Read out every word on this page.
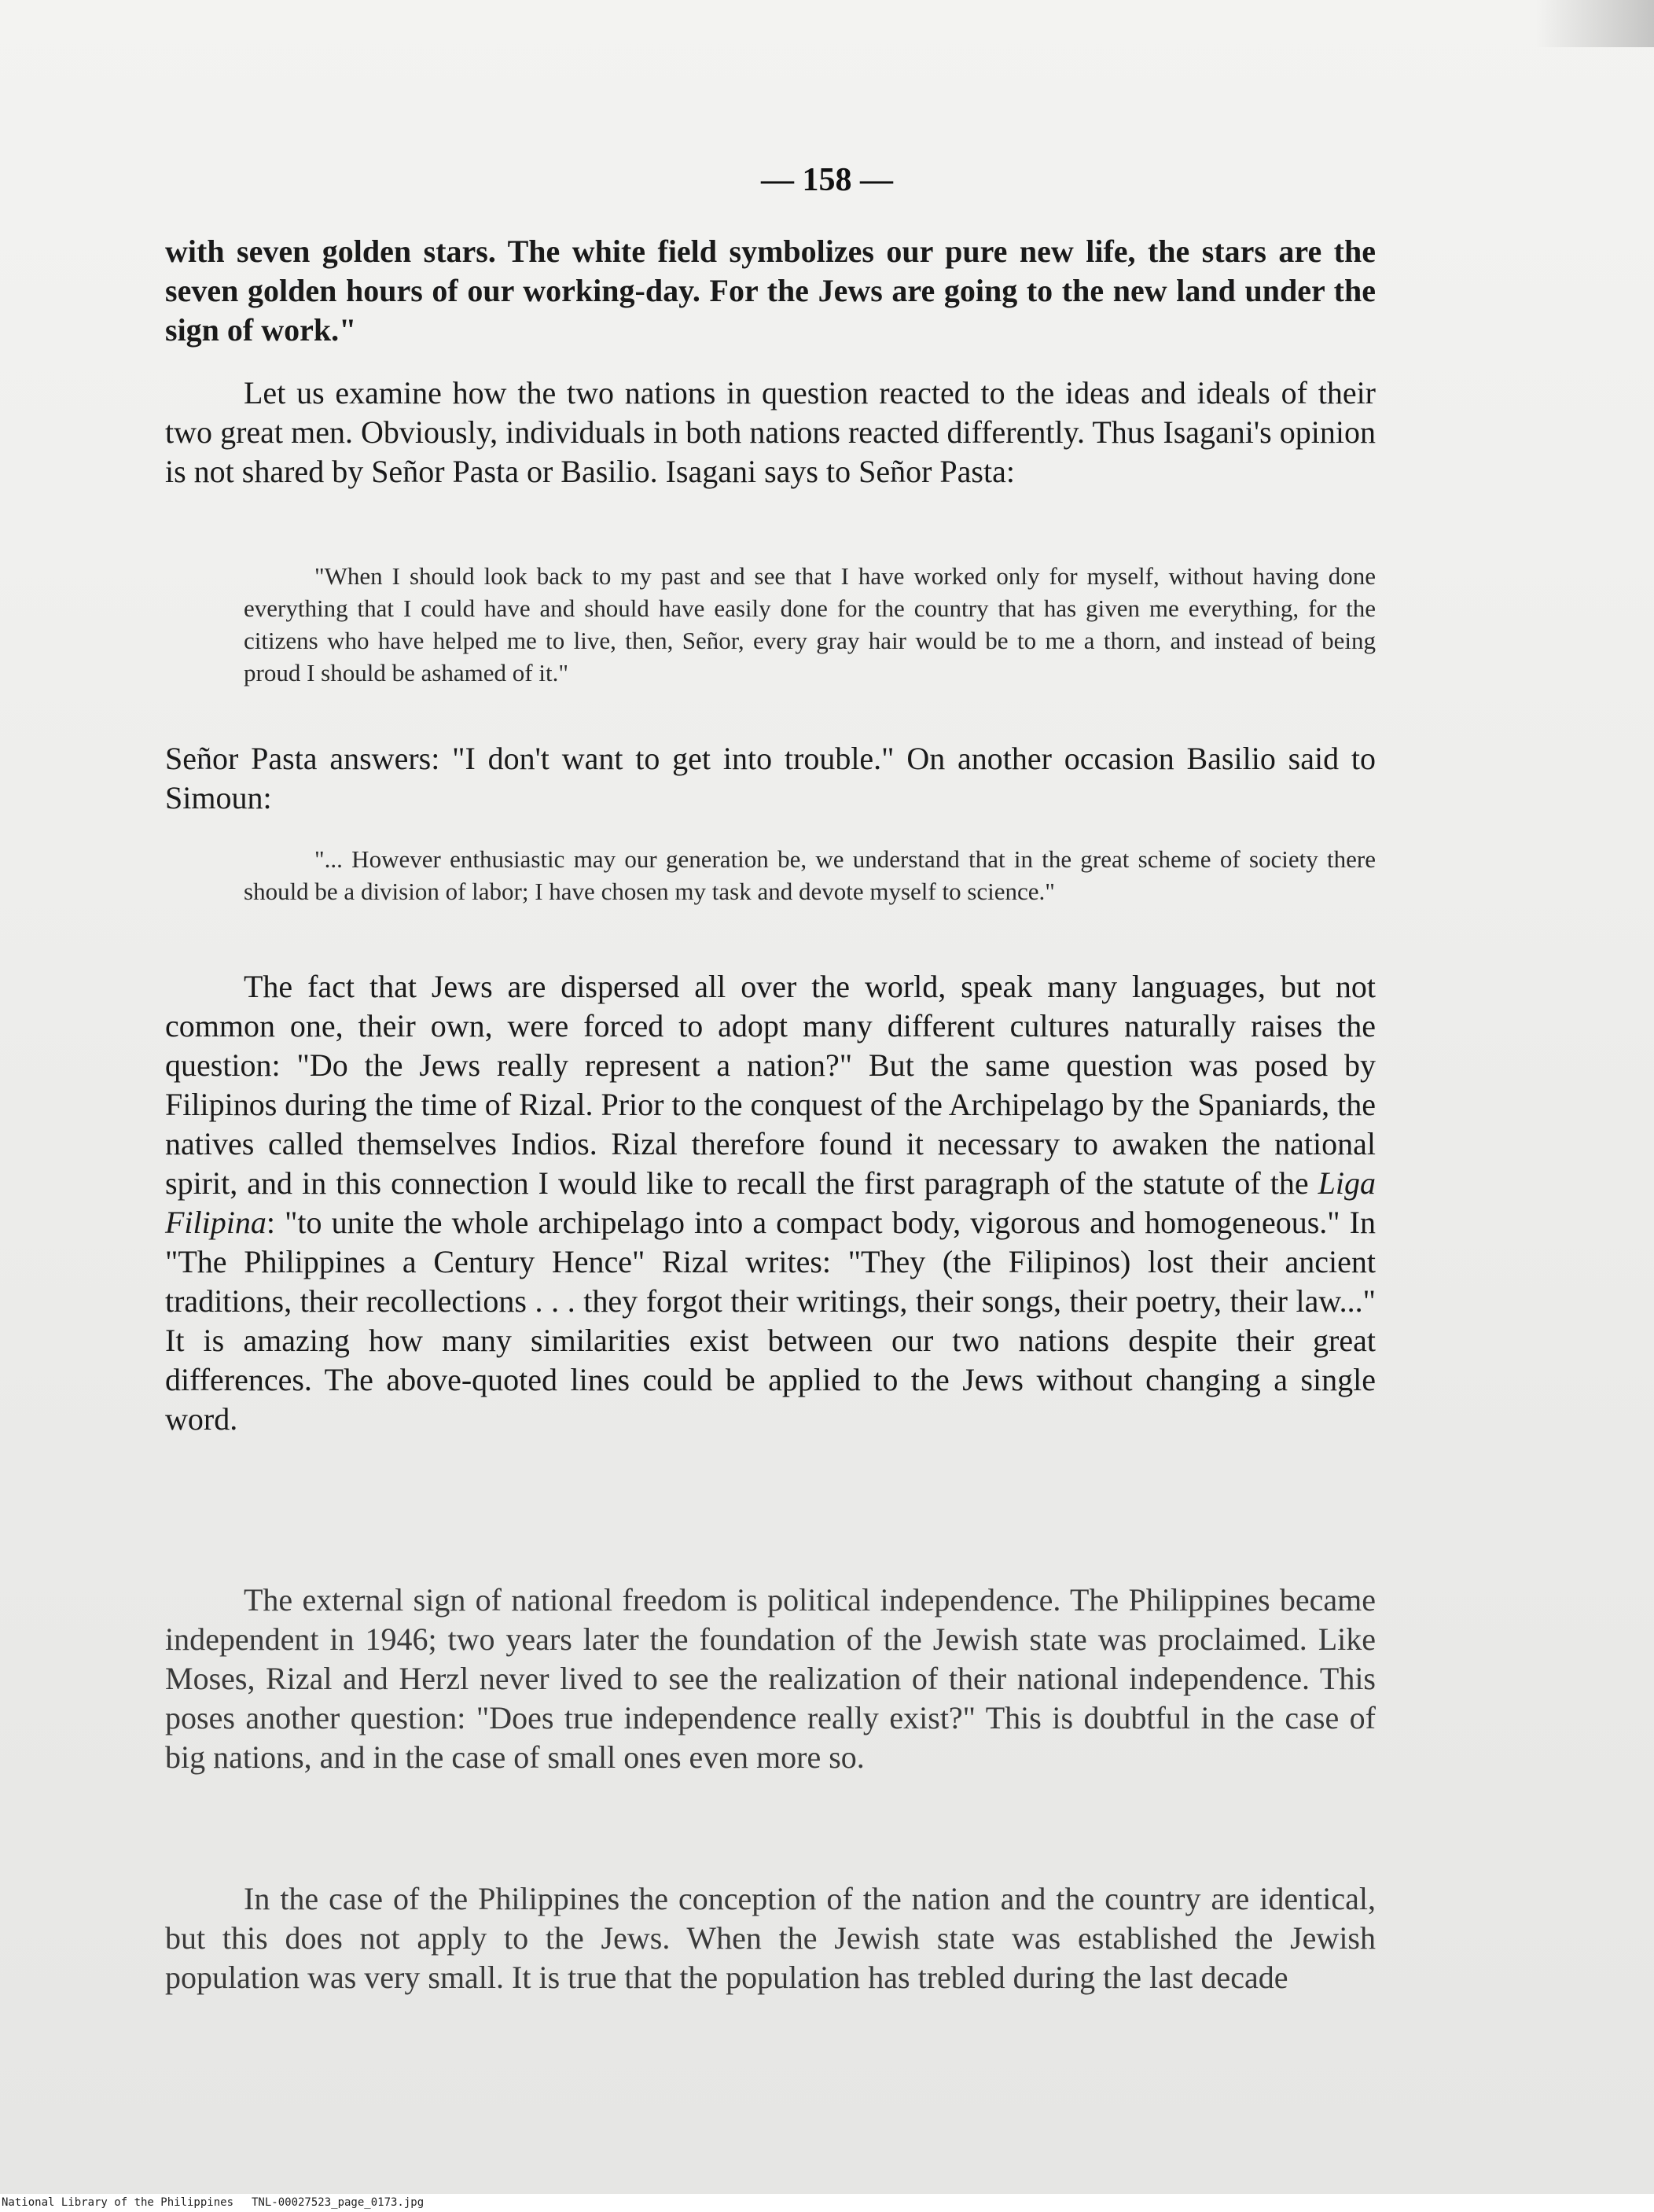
— 158 —

with seven golden stars. The white field symbolizes our pure new life, the stars are the seven golden hours of our working-day. For the Jews are going to the new land under the sign of work."

Let us examine how the two nations in question reacted to the ideas and ideals of their two great men. Obviously, individuals in both nations reacted differently. Thus Isagani's opinion is not shared by Señor Pasta or Basilio. Isagani says to Señor Pasta:

"When I should look back to my past and see that I have worked only for myself, without having done everything that I could have and should have easily done for the country that has given me everything, for the citizens who have helped me to live, then, Señor, every gray hair would be to me a thorn, and instead of being proud I should be ashamed of it."

Señor Pasta answers: "I don't want to get into trouble." On another occasion Basilio said to Simoun:

"... However enthusiastic may our generation be, we understand that in the great scheme of society there should be a division of labor; I have chosen my task and devote myself to science."

The fact that Jews are dispersed all over the world, speak many languages, but not common one, their own, were forced to adopt many different cultures naturally raises the question: "Do the Jews really represent a nation?" But the same question was posed by Filipinos during the time of Rizal. Prior to the conquest of the Archipelago by the Spaniards, the natives called themselves Indios. Rizal therefore found it necessary to awaken the national spirit, and in this connection I would like to recall the first paragraph of the statute of the Liga Filipina: "to unite the whole archipelago into a compact body, vigorous and homogeneous." In "The Philippines a Century Hence" Rizal writes: "They (the Filipinos) lost their ancient traditions, their recollections . . . they forgot their writings, their songs, their poetry, their law..." It is amazing how many similarities exist between our two nations despite their great differences. The above-quoted lines could be applied to the Jews without changing a single word.

The external sign of national freedom is political independence. The Philippines became independent in 1946; two years later the foundation of the Jewish state was proclaimed. Like Moses, Rizal and Herzl never lived to see the realization of their national independence. This poses another question: "Does true independence really exist?" This is doubtful in the case of big nations, and in the case of small ones even more so.

In the case of the Philippines the conception of the nation and the country are identical, but this does not apply to the Jews. When the Jewish state was established the Jewish population was very small. It is true that the population has trebled during the last decade

National Library of the Philippines TNL-00027523_page_0173.jpg
